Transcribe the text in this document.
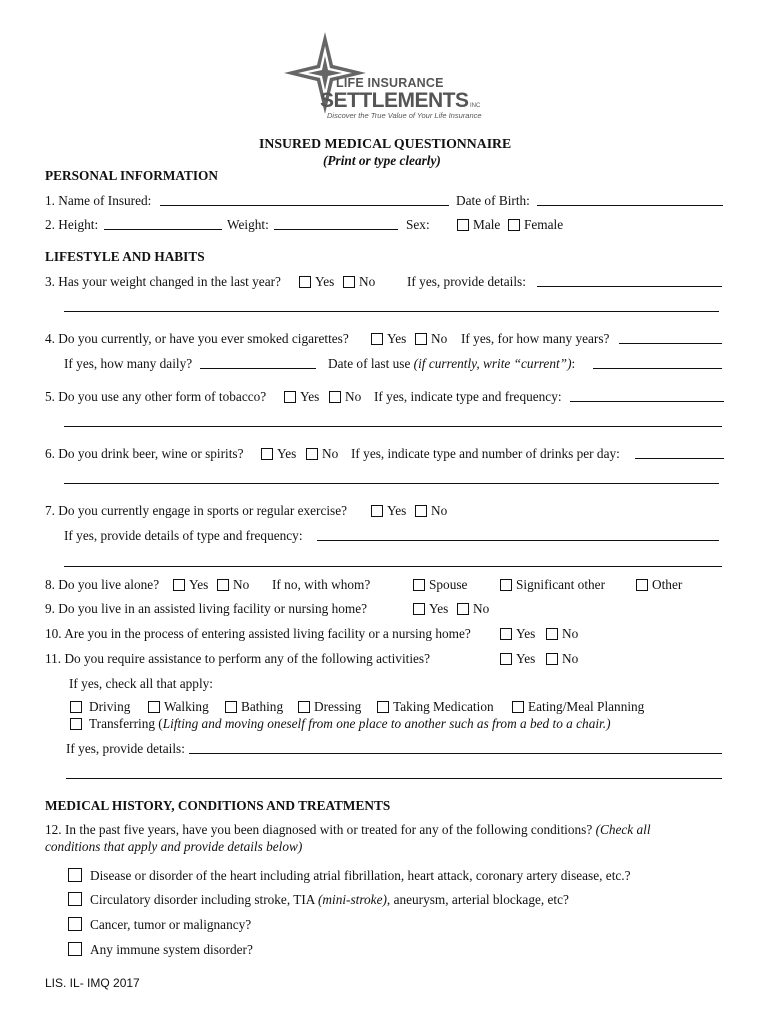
LIFE INSURANCE
SETTLEMENTS INC
Discover the True Value of Your Life Insurance
INSURED MEDICAL QUESTIONNAIRE
(Print or type clearly)
PERSONAL INFORMATION
1. Name of Insured:	Date of Birth:
2. Height:	Weight:	Sex:	Male	Female
LIFESTYLE AND HABITS
3. Has your weight changed in the last year?	Yes	No If yes, provide details:
4. Do you currently, or have you ever smoked cigarettes?	Yes	No If yes, for how many years?
If yes, how many daily?	Date of last use (if currently, write “current”):
5. Do you use any other form of tobacco?	Yes	No If yes, indicate type and frequency:
6. Do you drink beer, wine or spirits?	Yes	No If yes, indicate type and number of drinks per day:
7. Do you currently engage in sports or regular exercise?	Yes	No
If yes, provide details of type and frequency:
8. Do you live alone?	Yes	No If no, with whom?	Spouse	Significant other	Other
9. Do you live in an assisted living facility or nursing home?	Yes	No
10. Are you in the process of entering assisted living facility or a nursing home?	Yes	No
11. Do you require assistance to perform any of the following activities?	Yes	No
If yes, check all that apply:
Driving	Walking	Bathing	Dressing	Taking Medication	Eating/Meal Planning
Transferring (Lifting and moving oneself from one place to another such as from a bed to a chair.)
If yes, provide details:
MEDICAL HISTORY, CONDITIONS AND TREATMENTS
12. In the past five years, have you been diagnosed with or treated for any of the following conditions? (Check all
conditions that apply and provide details below)
Disease or disorder of the heart including atrial fibrillation, heart attack, coronary artery disease, etc.?
Circulatory disorder including stroke, TIA (mini-stroke), aneurysm, arterial blockage, etc?
Cancer, tumor or malignancy?
Any immune system disorder?
LIS. IL- IMQ 2017
